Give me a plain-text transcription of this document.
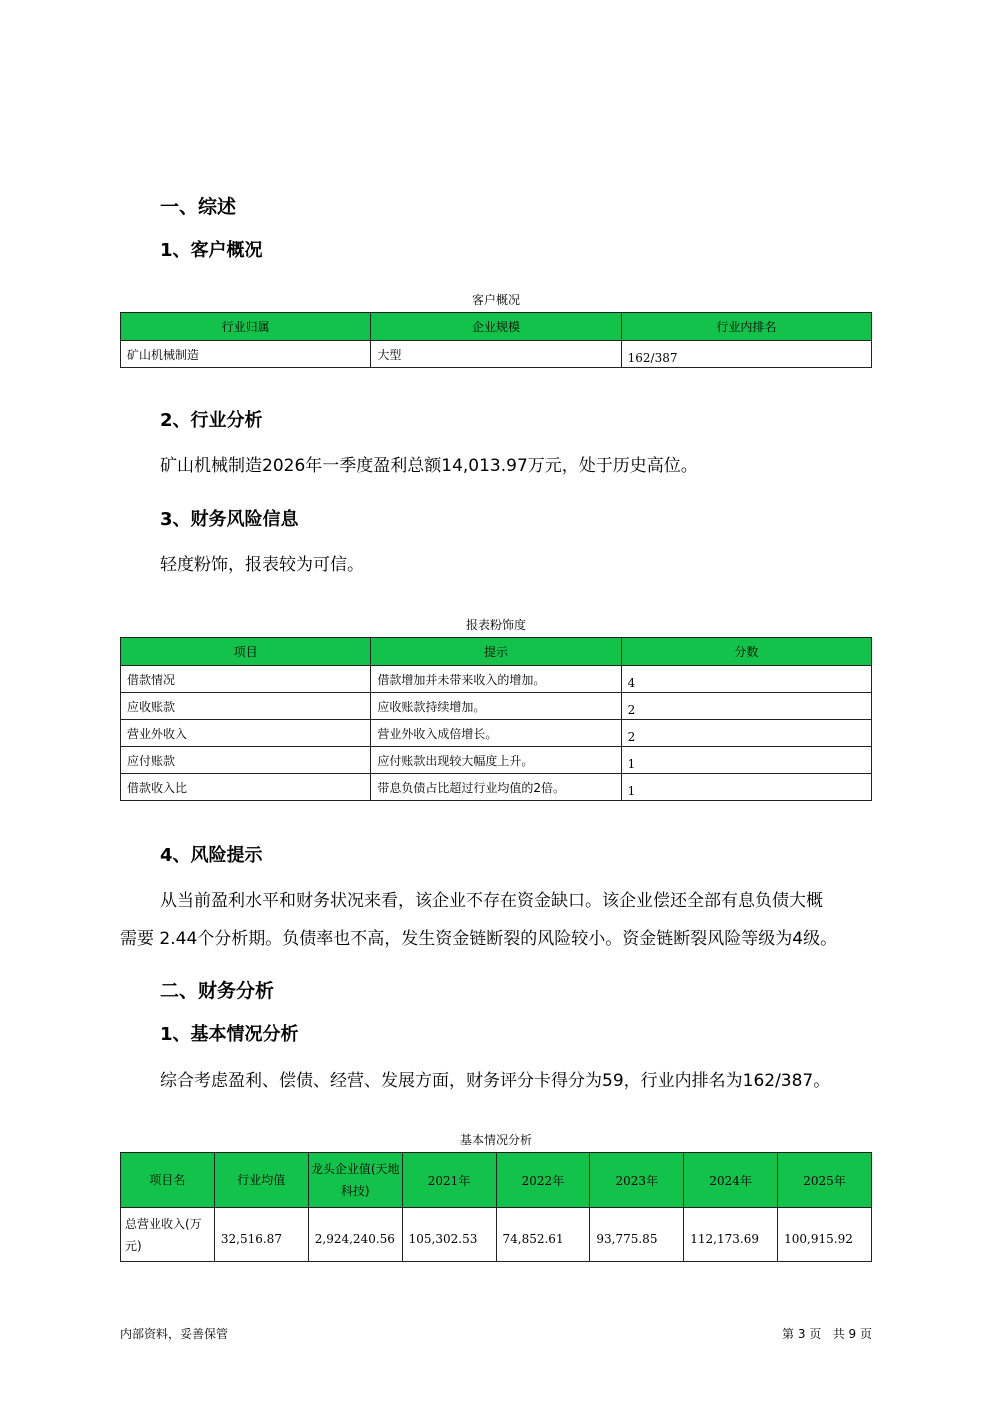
一、综述
1、客户概况
客户概况
行业归属	企业规模	行业内排名
矿山机械制造	大型	162/387
2、行业分析
矿山机械制造2026年一季度盈利总额14,013.97万元，处于历史高位。
3、财务风险信息
轻度粉饰，报表较为可信。
报表粉饰度
项目	提示	分数
借款情况	借款增加并未带来收入的增加。	4
应收账款	应收账款持续增加。	2
营业外收入	营业外收入成倍增长。	2
应付账款	应付账款出现较大幅度上升。	1
借款收入比	带息负债占比超过行业均值的2倍。	1
4、风险提示
从当前盈利水平和财务状况来看，该企业不存在资金缺口。该企业偿还全部有息负债大概
需要 2.44个分析期。负债率也不高，发生资金链断裂的风险较小。资金链断裂风险等级为4级。
二、财务分析
1、基本情况分析
综合考虑盈利、偿债、经营、发展方面，财务评分卡得分为59，行业内排名为162/387。
基本情况分析
项目名	行业均值	龙头企业值(天地科技)	2021年	2022年	2023年	2024年	2025年
总营业收入(万元)	32,516.87	2,924,240.56	105,302.53	74,852.61	93,775.85	112,173.69	100,915.92
内部资料，妥善保管	第 3 页   共 9 页
